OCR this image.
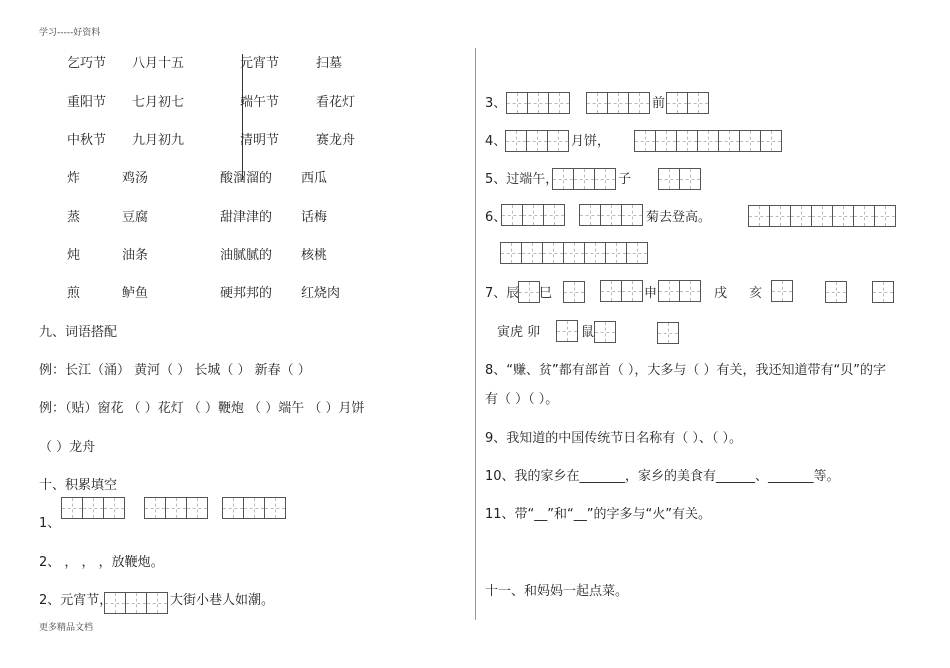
学习-----好资料
更多精品文档
乞巧节 八月十五	元宵节	扫墓
重阳节 七月初七	端午节	看花灯
中秋节 九月初九	清明节	赛龙舟
炸	鸡汤	酸溜溜的 西瓜
蒸	豆腐	甜津津的 话梅
炖	油条	油腻腻的 核桃
煎	鲈鱼	硬邦邦的 红烧肉
九、词语搭配
例：长江（涌） 黄河（ ） 长城（ ） 新春（ ）
例：（贴）窗花 （ ）花灯 （ ）鞭炮 （ ）端午 （ ）月饼
（ ）龙舟
十、积累填空
1、
2、 ， ， ，放鞭炮。
2、元宵节，	大街小巷人如潮。
3、	前
4、	月饼，
5、过端午，	子
6、	菊去登高。
7、辰 巳	申	戌 亥
寅虎 卯	鼠
8、“赚、贫”都有部首（ ），大多与（ ）有关，我还知道带有“贝”的字
有（ ）（ ）。
9、我知道的中国传统节日名称有（ ）、（ ）。
10、我的家乡在_______，家乡的美食有______、_______等。
11、带“__”和“__”的字多与“火”有关。
十一、和妈妈一起点菜。
